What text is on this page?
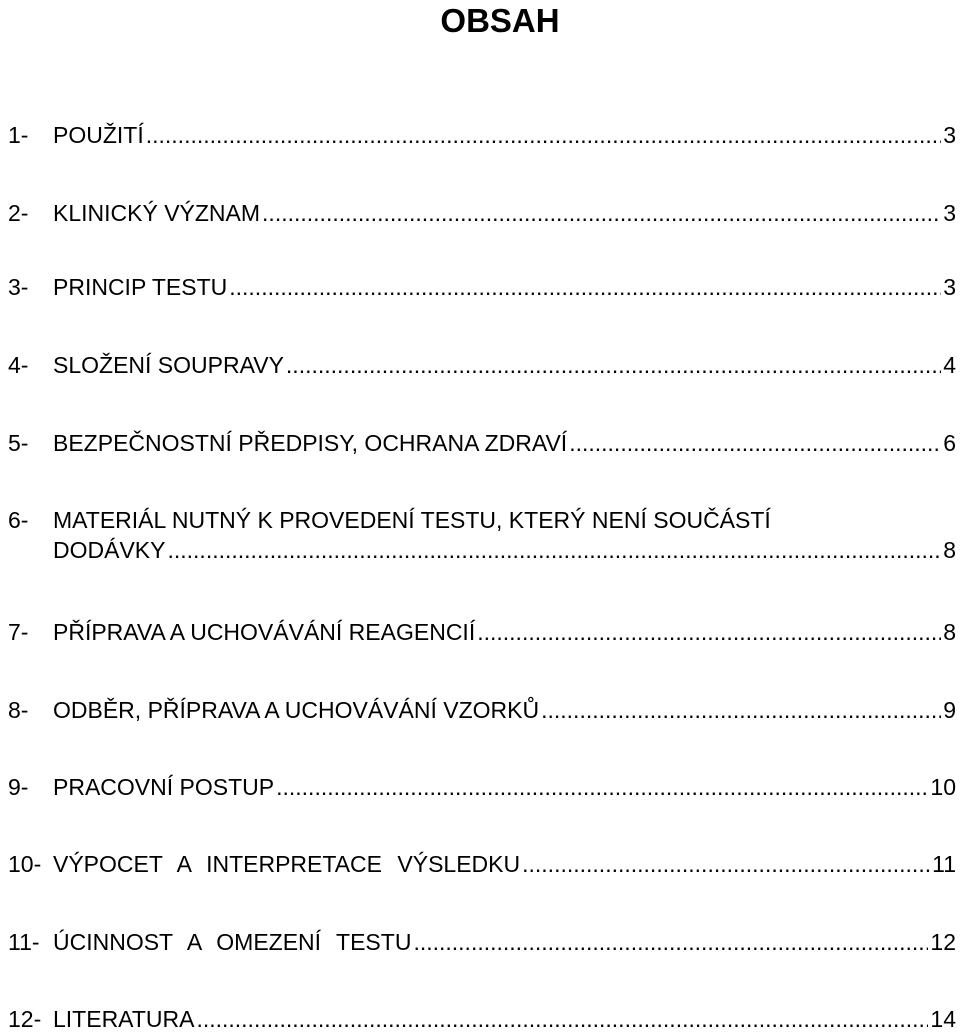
OBSAH
1-	POUŽITÍ .....	3
2-	KLINICKÝ VÝZNAM .....	3
3-	PRINCIP TESTU .....	3
4-	SLOŽENÍ SOUPRAVY .....	4
5-	BEZPEČNOSTNÍ PŘEDPISY, OCHRANA ZDRAVÍ .....	6
6-	MATERIÁL NUTNÝ K PROVEDENÍ TESTU, KTERÝ NENÍ SOUČÁSTÍ
DODÁVKY .....	8
7-	PŘÍPRAVA A UCHOVÁVÁNÍ REAGENCIÍ .....	8
8-	ODBĚR, PŘÍPRAVA A UCHOVÁVÁNÍ VZORKŮ .....	9
9-	PRACOVNÍ POSTUP .....	10
10- VÝPOCET A INTERPRETACE VÝSLEDKU .....	11
11- ÚCINNOST A OMEZENÍ TESTU .....	12
12- LITERATURA .....	14
